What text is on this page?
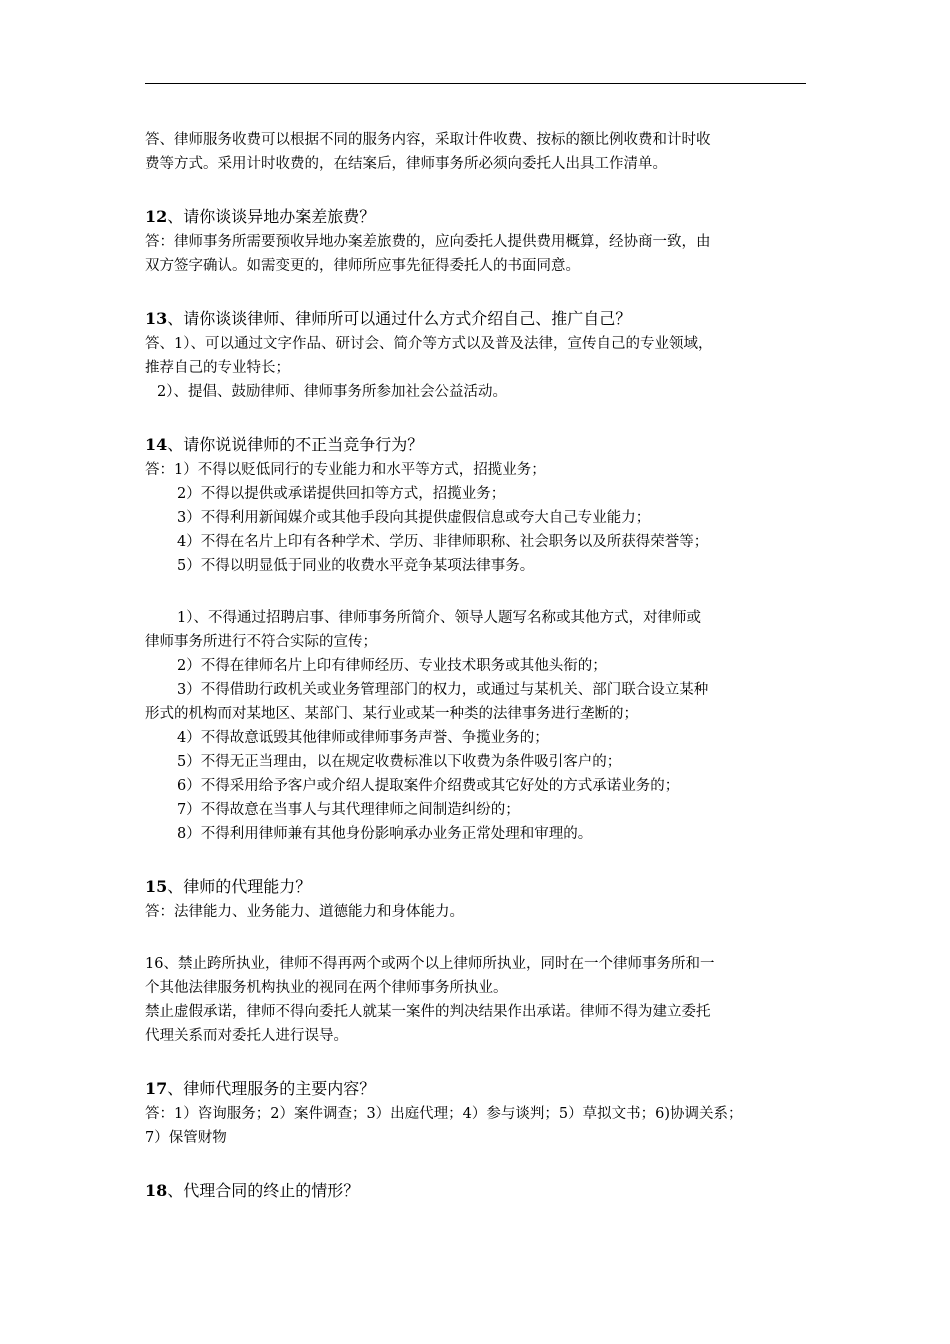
答、律师服务收费可以根据不同的服务内容，采取计件收费、按标的额比例收费和计时收
费等方式。采用计时收费的，在结案后，律师事务所必须向委托人出具工作清单。
12、请你谈谈异地办案差旅费？
答：律师事务所需要预收异地办案差旅费的，应向委托人提供费用概算，经协商一致，由
双方签字确认。如需变更的，律师所应事先征得委托人的书面同意。
13、请你谈谈律师、律师所可以通过什么方式介绍自己、推广自己？
答、1）、可以通过文字作品、研讨会、简介等方式以及普及法律，宣传自己的专业领域，
推荐自己的专业特长；
2）、提倡、鼓励律师、律师事务所参加社会公益活动。
14、请你说说律师的不正当竞争行为？
答：1）不得以贬低同行的专业能力和水平等方式，招揽业务；
2）不得以提供或承诺提供回扣等方式，招揽业务；
3）不得利用新闻媒介或其他手段向其提供虚假信息或夸大自己专业能力；
4）不得在名片上印有各种学术、学历、非律师职称、社会职务以及所获得荣誉等；
5）不得以明显低于同业的收费水平竞争某项法律事务。
1）、不得通过招聘启事、律师事务所简介、领导人题写名称或其他方式，对律师或
律师事务所进行不符合实际的宣传；
2）不得在律师名片上印有律师经历、专业技术职务或其他头衔的；
3）不得借助行政机关或业务管理部门的权力，或通过与某机关、部门联合设立某种
形式的机构而对某地区、某部门、某行业或某一种类的法律事务进行垄断的；
4）不得故意诋毁其他律师或律师事务声誉、争揽业务的；
5）不得无正当理由，以在规定收费标准以下收费为条件吸引客户的；
6）不得采用给予客户或介绍人提取案件介绍费或其它好处的方式承诺业务的；
7）不得故意在当事人与其代理律师之间制造纠纷的；
8）不得利用律师兼有其他身份影响承办业务正常处理和审理的。
15、律师的代理能力？
答：法律能力、业务能力、道德能力和身体能力。
16、禁止跨所执业，律师不得再两个或两个以上律师所执业，同时在一个律师事务所和一
个其他法律服务机构执业的视同在两个律师事务所执业。
禁止虚假承诺，律师不得向委托人就某一案件的判决结果作出承诺。律师不得为建立委托
代理关系而对委托人进行误导。
17、律师代理服务的主要内容？
答：1）咨询服务；2）案件调查；3）出庭代理；4）参与谈判；5）草拟文书；6)协调关系；
7）保管财物
18、代理合同的终止的情形？
